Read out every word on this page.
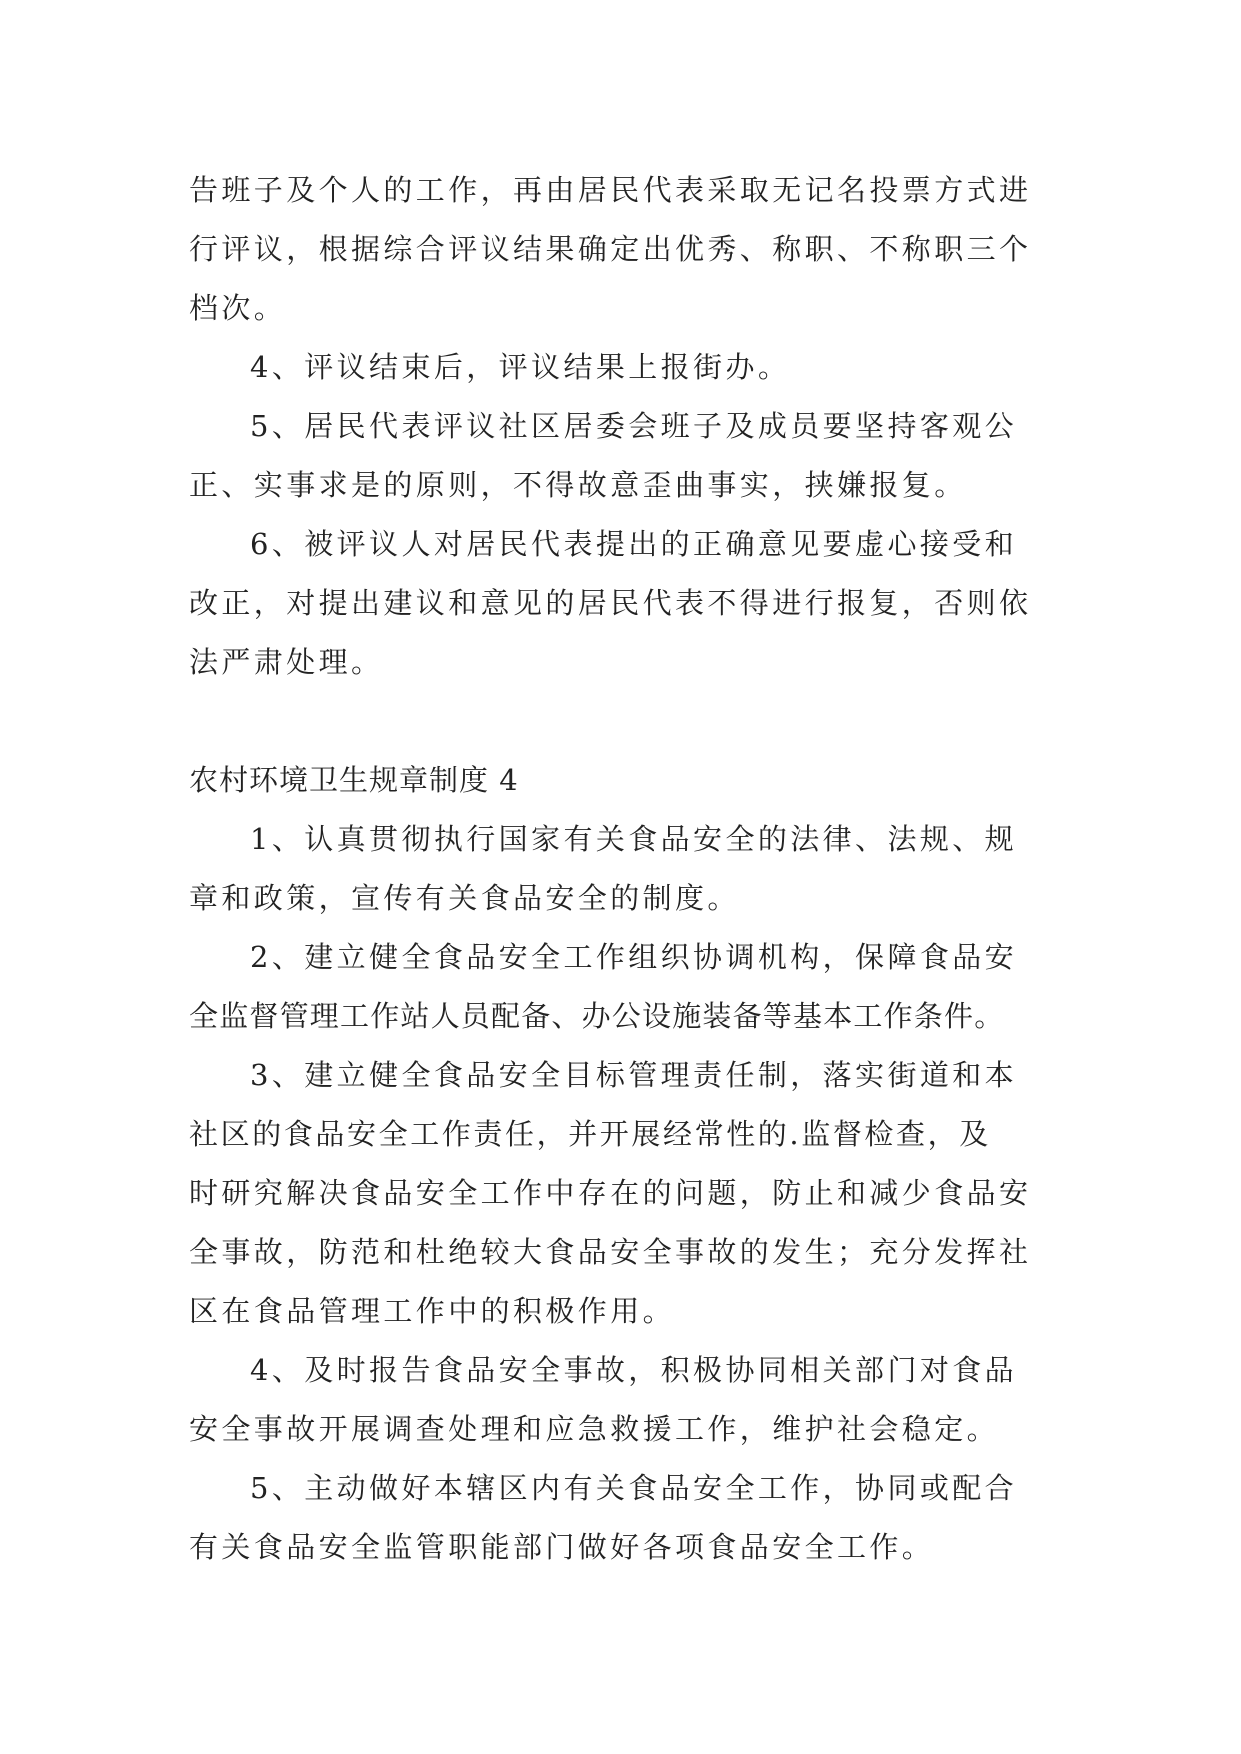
告班子及个人的工作，再由居民代表采取无记名投票方式进
行评议，根据综合评议结果确定出优秀、称职、不称职三个
档次。
4、评议结束后，评议结果上报街办。
5、居民代表评议社区居委会班子及成员要坚持客观公
正、实事求是的原则，不得故意歪曲事实，挟嫌报复。
6、被评议人对居民代表提出的正确意见要虚心接受和
改正，对提出建议和意见的居民代表不得进行报复，否则依
法严肃处理。
农村环境卫生规章制度 4
1、认真贯彻执行国家有关食品安全的法律、法规、规
章和政策，宣传有关食品安全的制度。
2、建立健全食品安全工作组织协调机构，保障食品安
全监督管理工作站人员配备、办公设施装备等基本工作条件。
3、建立健全食品安全目标管理责任制，落实街道和本
社区的食品安全工作责任，并开展经常性的.监督检查，及
时研究解决食品安全工作中存在的问题，防止和减少食品安
全事故，防范和杜绝较大食品安全事故的发生；充分发挥社
区在食品管理工作中的积极作用。
4、及时报告食品安全事故，积极协同相关部门对食品
安全事故开展调查处理和应急救援工作，维护社会稳定。
5、主动做好本辖区内有关食品安全工作，协同或配合
有关食品安全监管职能部门做好各项食品安全工作。
